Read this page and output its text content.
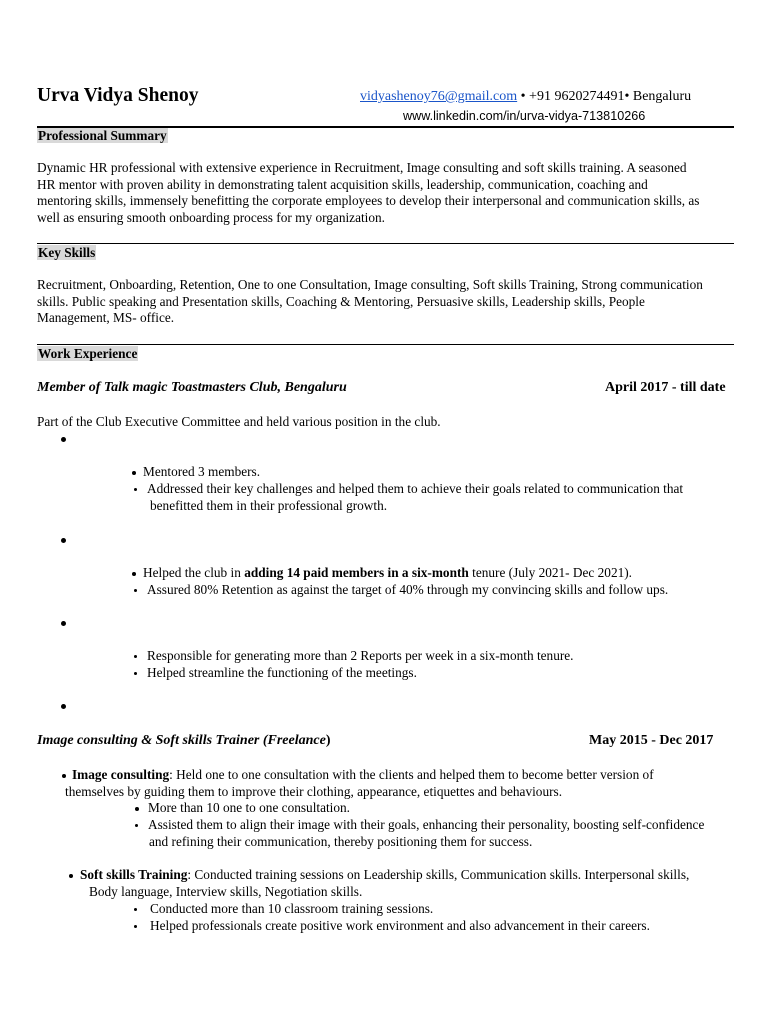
Urva Vidya Shenoy	vidyashenoy76@gmail.com • +91 9620274491• Bengaluru
www.linkedin.com/in/urva-vidya-713810266
Professional Summary
Dynamic HR professional with extensive experience in Recruitment, Image consulting and soft skills training. A seasoned
HR mentor with proven ability in demonstrating talent acquisition skills, leadership, communication, coaching and
mentoring skills, immensely benefitting the corporate employees to develop their interpersonal and communication skills, as
well as ensuring smooth onboarding process for my organization.
Key Skills
Recruitment, Onboarding, Retention, One to one Consultation, Image consulting, Soft skills Training, Strong communication
skills. Public speaking and Presentation skills, Coaching & Mentoring, Persuasive skills, Leadership skills, People
Management, MS- office.
Work Experience
Member of Talk magic Toastmasters Club, Bengaluru	April 2017 - till date
Part of the Club Executive Committee and held various position in the club.
Mentored 3 members.
Addressed their key challenges and helped them to achieve their goals related to communication that
benefitted them in their professional growth.
Helped the club in adding 14 paid members in a six-month tenure (July 2021- Dec 2021).
Assured 80% Retention as against the target of 40% through my convincing skills and follow ups.
Responsible for generating more than 2 Reports per week in a six-month tenure.
Helped streamline the functioning of the meetings.
Image consulting & Soft skills Trainer (Freelance)	May 2015 - Dec 2017
Image consulting: Held one to one consultation with the clients and helped them to become better version of
themselves by guiding them to improve their clothing, appearance, etiquettes and behaviours.
More than 10 one to one consultation.
Assisted them to align their image with their goals, enhancing their personality, boosting self-confidence
and refining their communication, thereby positioning them for success.
Soft skills Training: Conducted training sessions on Leadership skills, Communication skills. Interpersonal skills,
Body language, Interview skills, Negotiation skills.
Conducted more than 10 classroom training sessions.
Helped professionals create positive work environment and also advancement in their careers.
